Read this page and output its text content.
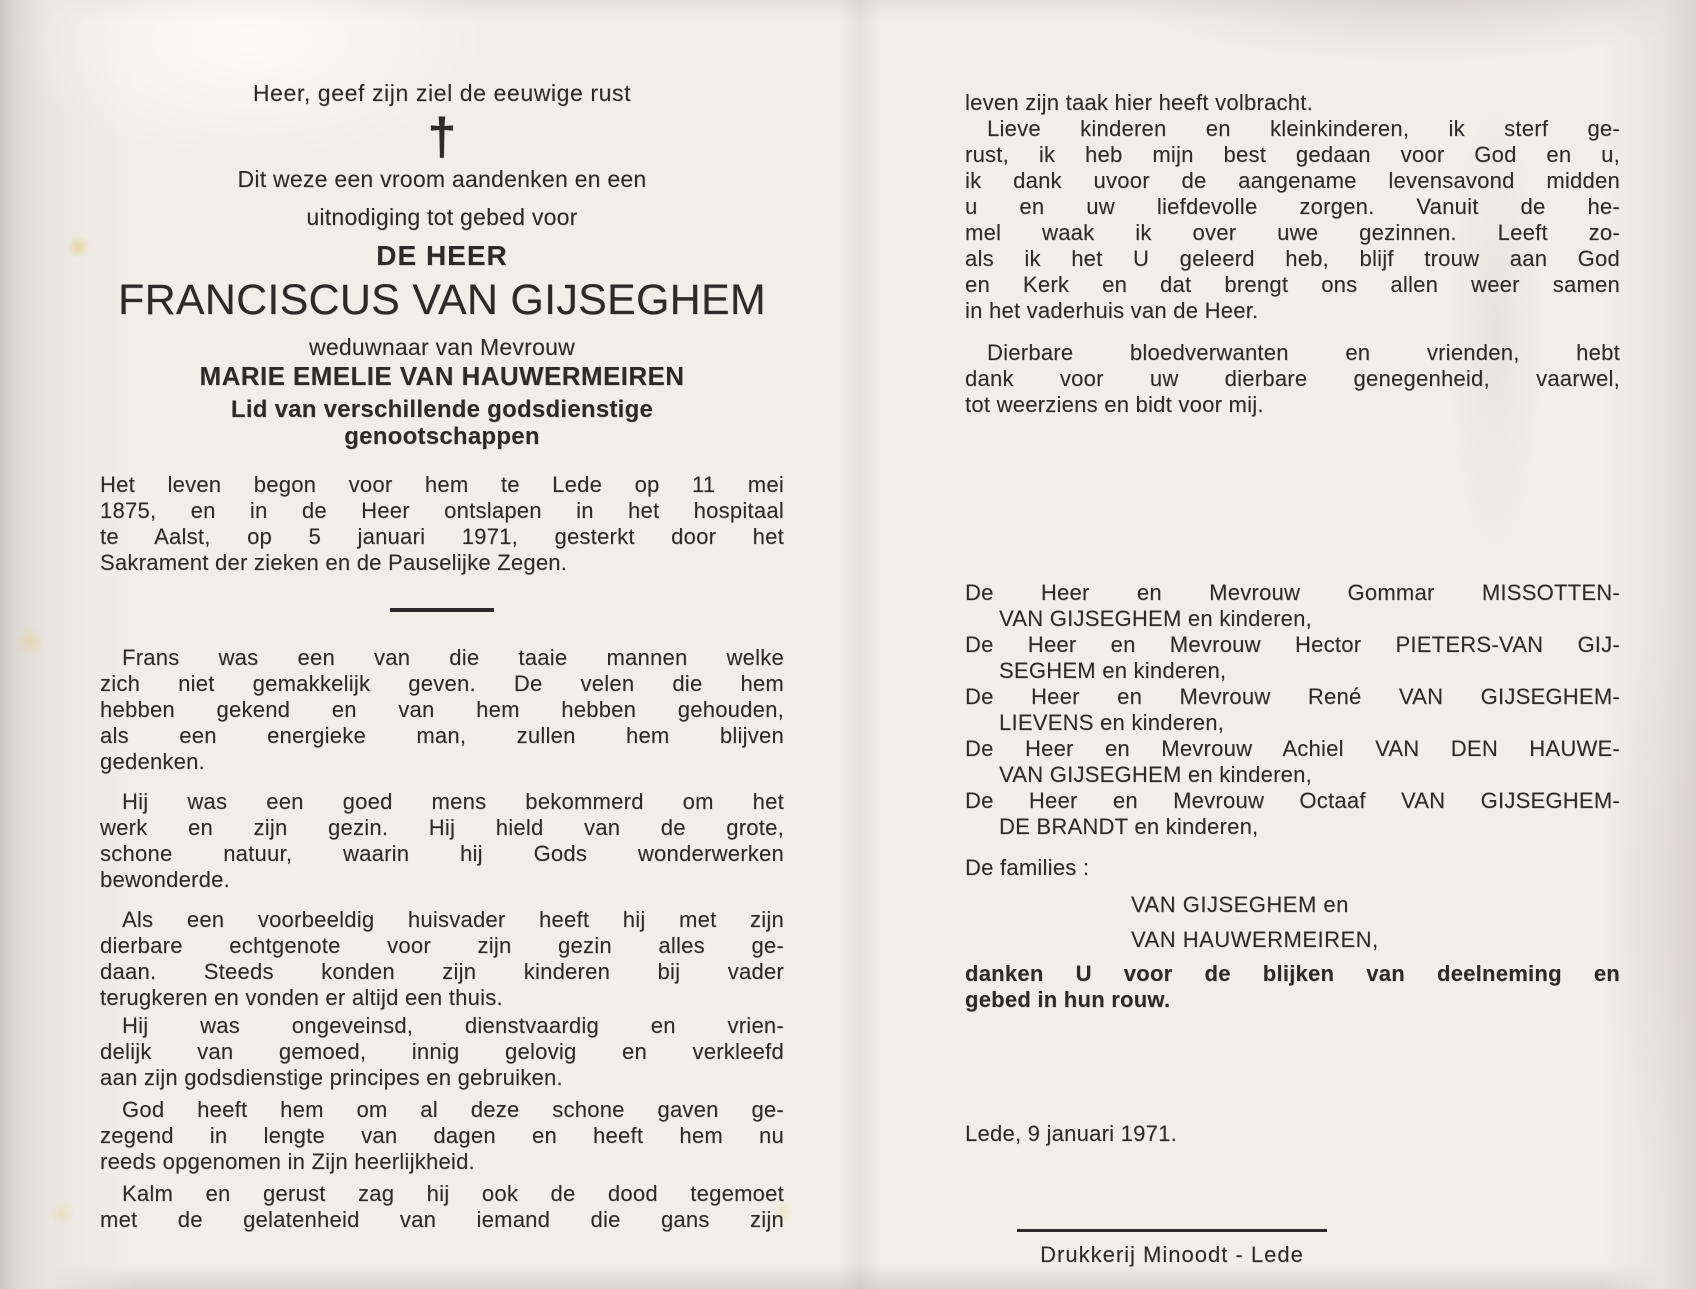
Heer, geef zijn ziel de eeuwige rust
†
Dit weze een vroom aandenken en een
uitnodiging tot gebed voor
DE HEER
FRANCISCUS VAN GIJSEGHEM
weduwnaar van Mevrouw
MARIE EMELIE VAN HAUWERMEIREN
Lid van verschillende godsdienstige
genootschappen
Het leven begon voor hem te Lede op 11 mei
1875, en in de Heer ontslapen in het hospitaal
te Aalst, op 5 januari 1971, gesterkt door het
Sakrament der zieken en de Pauselijke Zegen.
Frans was een van die taaie mannen welke
zich niet gemakkelijk geven. De velen die hem
hebben gekend en van hem hebben gehouden,
als een energieke man, zullen hem blijven
gedenken.
Hij was een goed mens bekommerd om het
werk en zijn gezin. Hij hield van de grote,
schone natuur, waarin hij Gods wonderwerken
bewonderde.
Als een voorbeeldig huisvader heeft hij met zijn
dierbare echtgenote voor zijn gezin alles ge-
daan. Steeds konden zijn kinderen bij vader
terugkeren en vonden er altijd een thuis.
Hij was ongeveinsd, dienstvaardig en vrien-
delijk van gemoed, innig gelovig en verkleefd
aan zijn godsdienstige principes en gebruiken.
God heeft hem om al deze schone gaven ge-
zegend in lengte van dagen en heeft hem nu
reeds opgenomen in Zijn heerlijkheid.
Kalm en gerust zag hij ook de dood tegemoet
met de gelatenheid van iemand die gans zijn
leven zijn taak hier heeft volbracht.
Lieve kinderen en kleinkinderen, ik sterf ge-
rust, ik heb mijn best gedaan voor God en u,
ik dank uvoor de aangename levensavond midden
u en uw liefdevolle zorgen. Vanuit de he-
mel waak ik over uwe gezinnen. Leeft zo-
als ik het U geleerd heb, blijf trouw aan God
en Kerk en dat brengt ons allen weer samen
in het vaderhuis van de Heer.
Dierbare bloedverwanten en vrienden, hebt
dank voor uw dierbare genegenheid, vaarwel,
tot weerziens en bidt voor mij.
De Heer en Mevrouw Gommar MISSOTTEN-
VAN GIJSEGHEM en kinderen,
De Heer en Mevrouw Hector PIETERS-VAN GIJ-
SEGHEM en kinderen,
De Heer en Mevrouw René VAN GIJSEGHEM-
LIEVENS en kinderen,
De Heer en Mevrouw Achiel VAN DEN HAUWE-
VAN GIJSEGHEM en kinderen,
De Heer en Mevrouw Octaaf VAN GIJSEGHEM-
DE BRANDT en kinderen,
De families :
VAN GIJSEGHEM en
VAN HAUWERMEIREN,
danken U voor de blijken van deelneming en
gebed in hun rouw.
Lede, 9 januari 1971.
Drukkerij Minoodt - Lede
